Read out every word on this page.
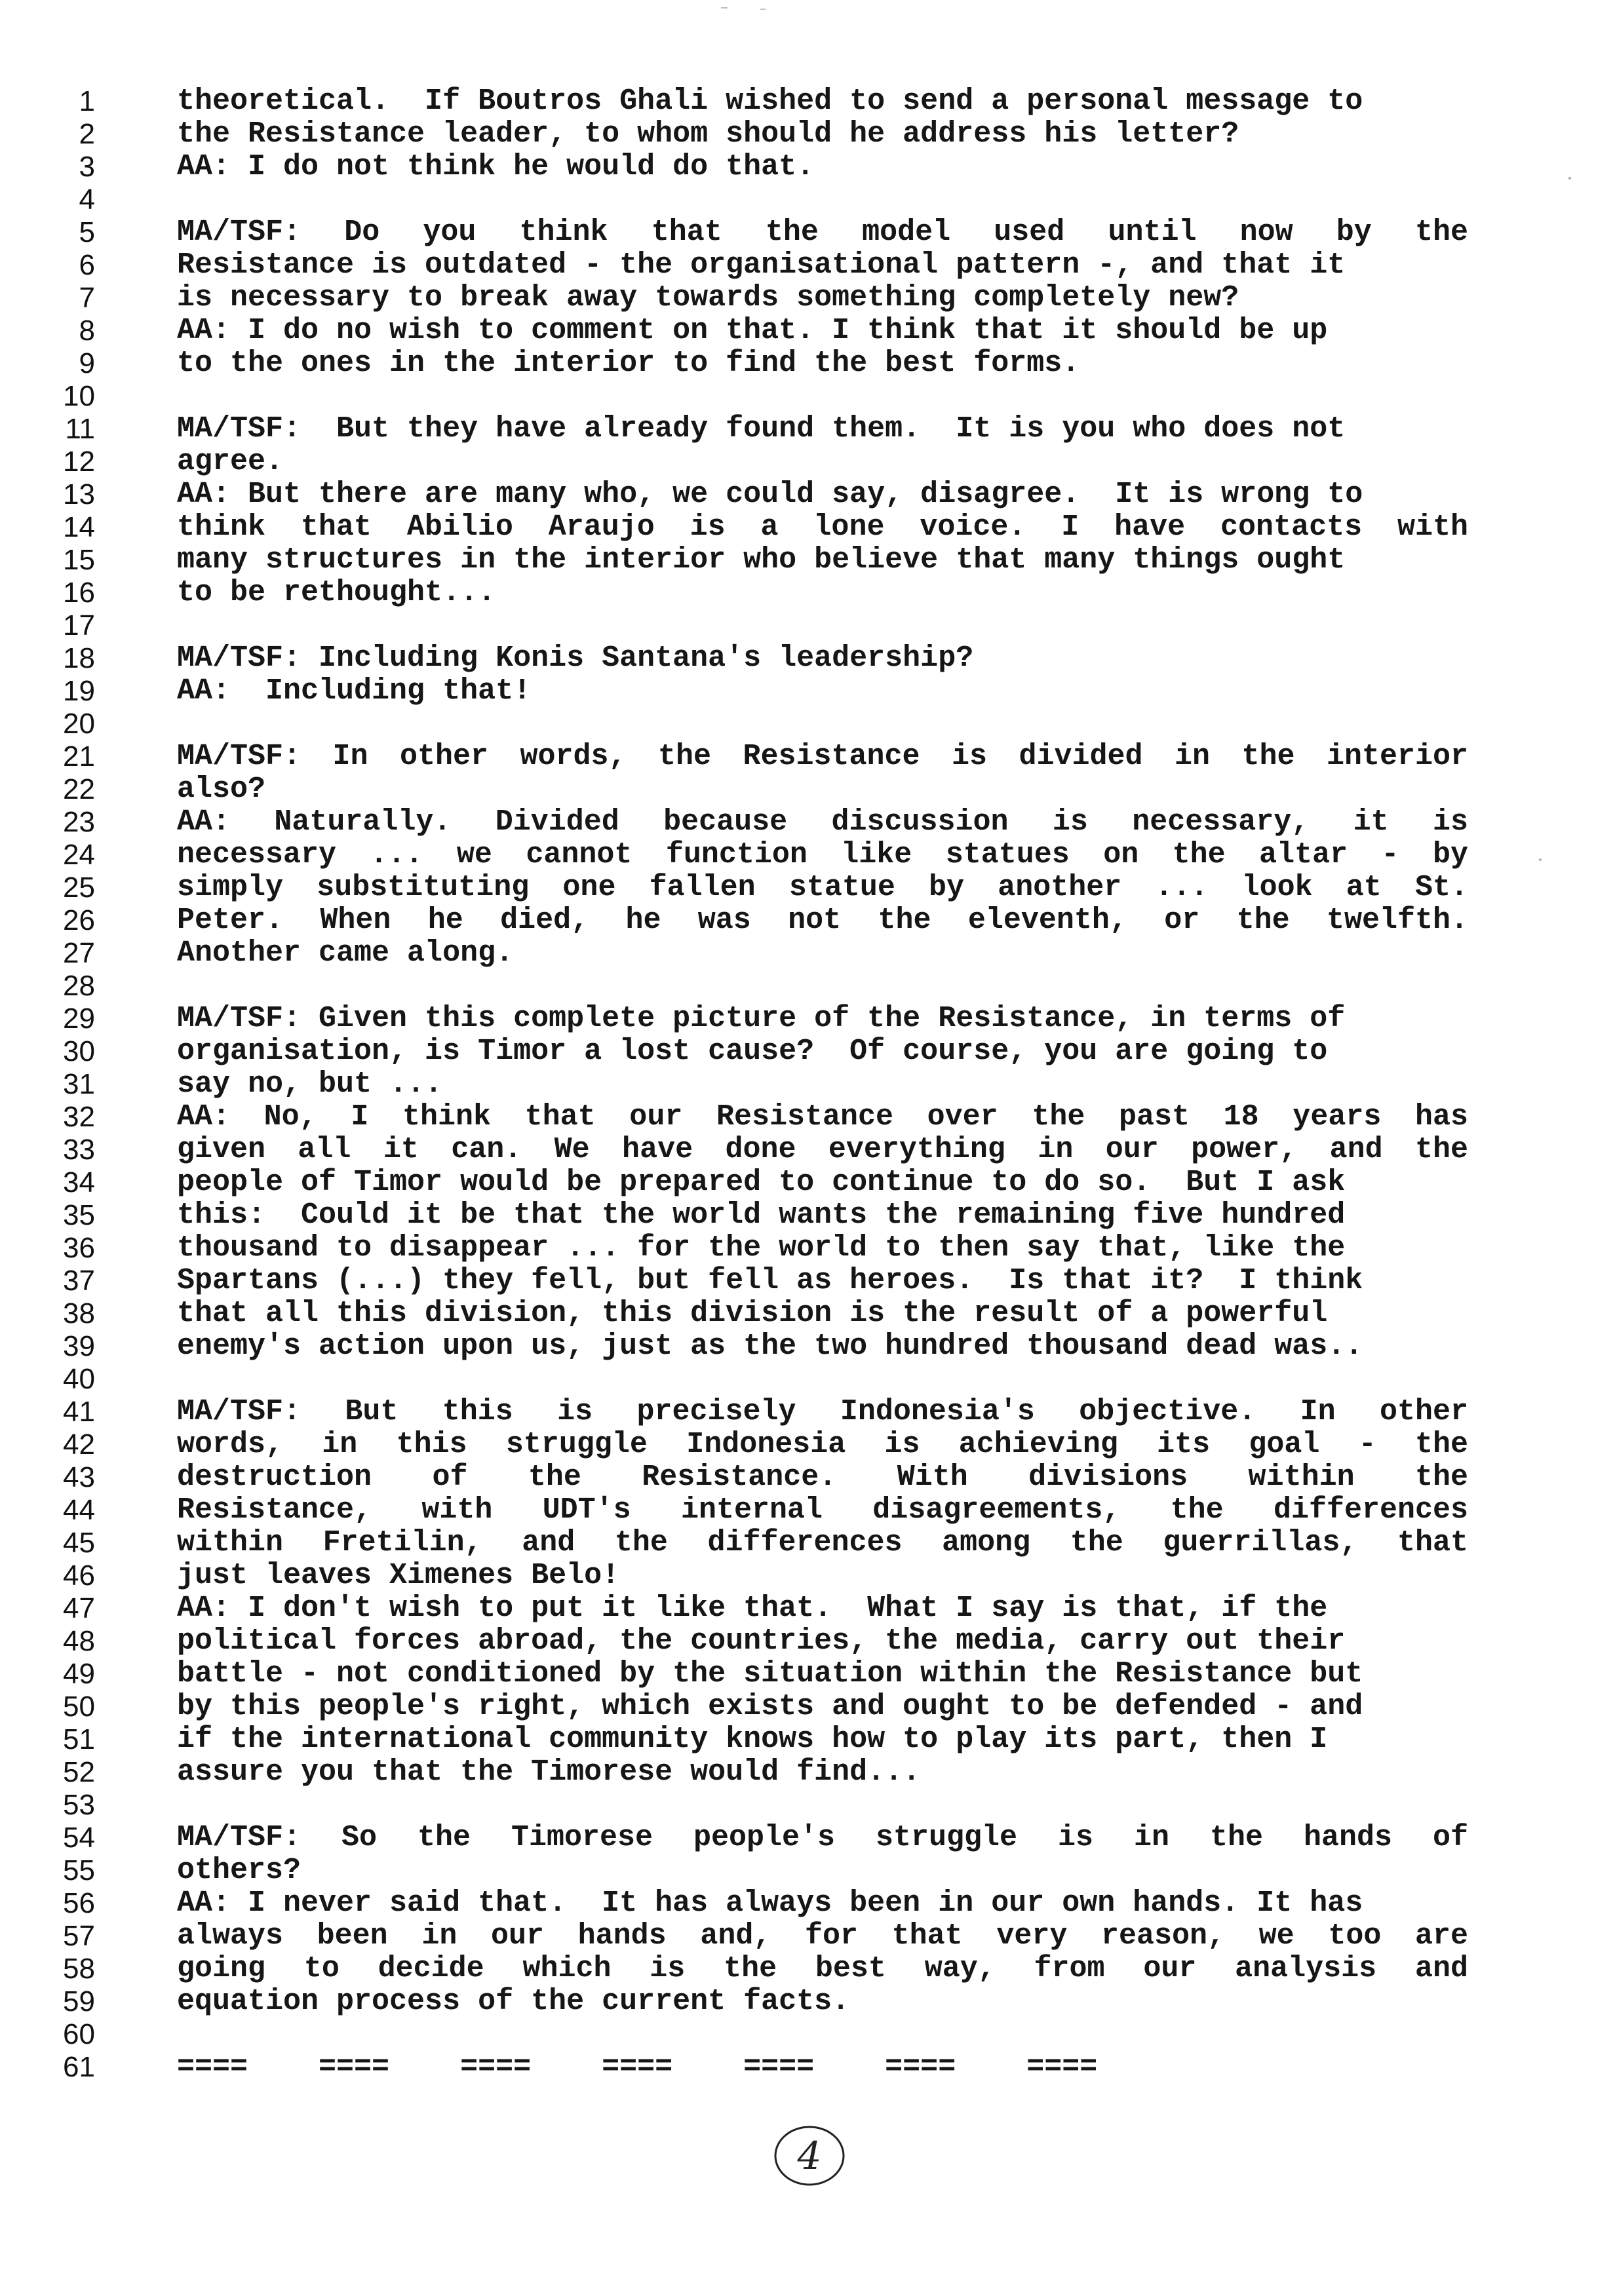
1	theoretical.  If Boutros Ghali wished to send a personal message to
2	the Resistance leader, to whom should he address his letter?
3	AA: I do not think he would do that.
4
5	MA/TSF: Do you think that the model used until now by the
6	Resistance is outdated - the organisational pattern -, and that it
7	is necessary to break away towards something completely new?
8	AA: I do no wish to comment on that. I think that it should be up
9	to the ones in the interior to find the best forms.
10
11	MA/TSF:  But they have already found them.  It is you who does not
12	agree.
13	AA: But there are many who, we could say, disagree.  It is wrong to
14	think that Abilio Araujo is a lone voice. I have contacts with
15	many structures in the interior who believe that many things ought
16	to be rethought...
17
18	MA/TSF: Including Konis Santana's leadership?
19	AA:  Including that!
20
21	MA/TSF: In other words, the Resistance is divided in the interior
22	also?
23	AA: Naturally. Divided because discussion is necessary, it is
24	necessary ... we cannot function like statues on the altar - by
25	simply substituting one fallen statue by another ... look at St.
26	Peter. When he died, he was not the eleventh, or the twelfth.
27	Another came along.
28
29	MA/TSF: Given this complete picture of the Resistance, in terms of
30	organisation, is Timor a lost cause?  Of course, you are going to
31	say no, but ...
32	AA: No, I think that our Resistance over the past 18 years has
33	given all it can. We have done everything in our power, and the
34	people of Timor would be prepared to continue to do so.  But I ask
35	this:  Could it be that the world wants the remaining five hundred
36	thousand to disappear ... for the world to then say that, like the
37	Spartans (...) they fell, but fell as heroes.  Is that it?  I think
38	that all this division, this division is the result of a powerful
39	enemy's action upon us, just as the two hundred thousand dead was..
40
41	MA/TSF: But this is precisely Indonesia's objective. In other
42	words, in this struggle Indonesia is achieving its goal - the
43	destruction of the Resistance. With divisions within the
44	Resistance, with UDT's internal disagreements, the differences
45	within Fretilin, and the differences among the guerrillas, that
46	just leaves Ximenes Belo!
47	AA: I don't wish to put it like that.  What I say is that, if the
48	political forces abroad, the countries, the media, carry out their
49	battle - not conditioned by the situation within the Resistance but
50	by this people's right, which exists and ought to be defended - and
51	if the international community knows how to play its part, then I
52	assure you that the Timorese would find...
53
54	MA/TSF: So the Timorese people's struggle is in the hands of
55	others?
56	AA: I never said that.  It has always been in our own hands. It has
57	always been in our hands and, for that very reason, we too are
58	going to decide which is the best way, from our analysis and
59	equation process of the current facts.
60
61	====    ====    ====    ====    ====    ====    ====
4
